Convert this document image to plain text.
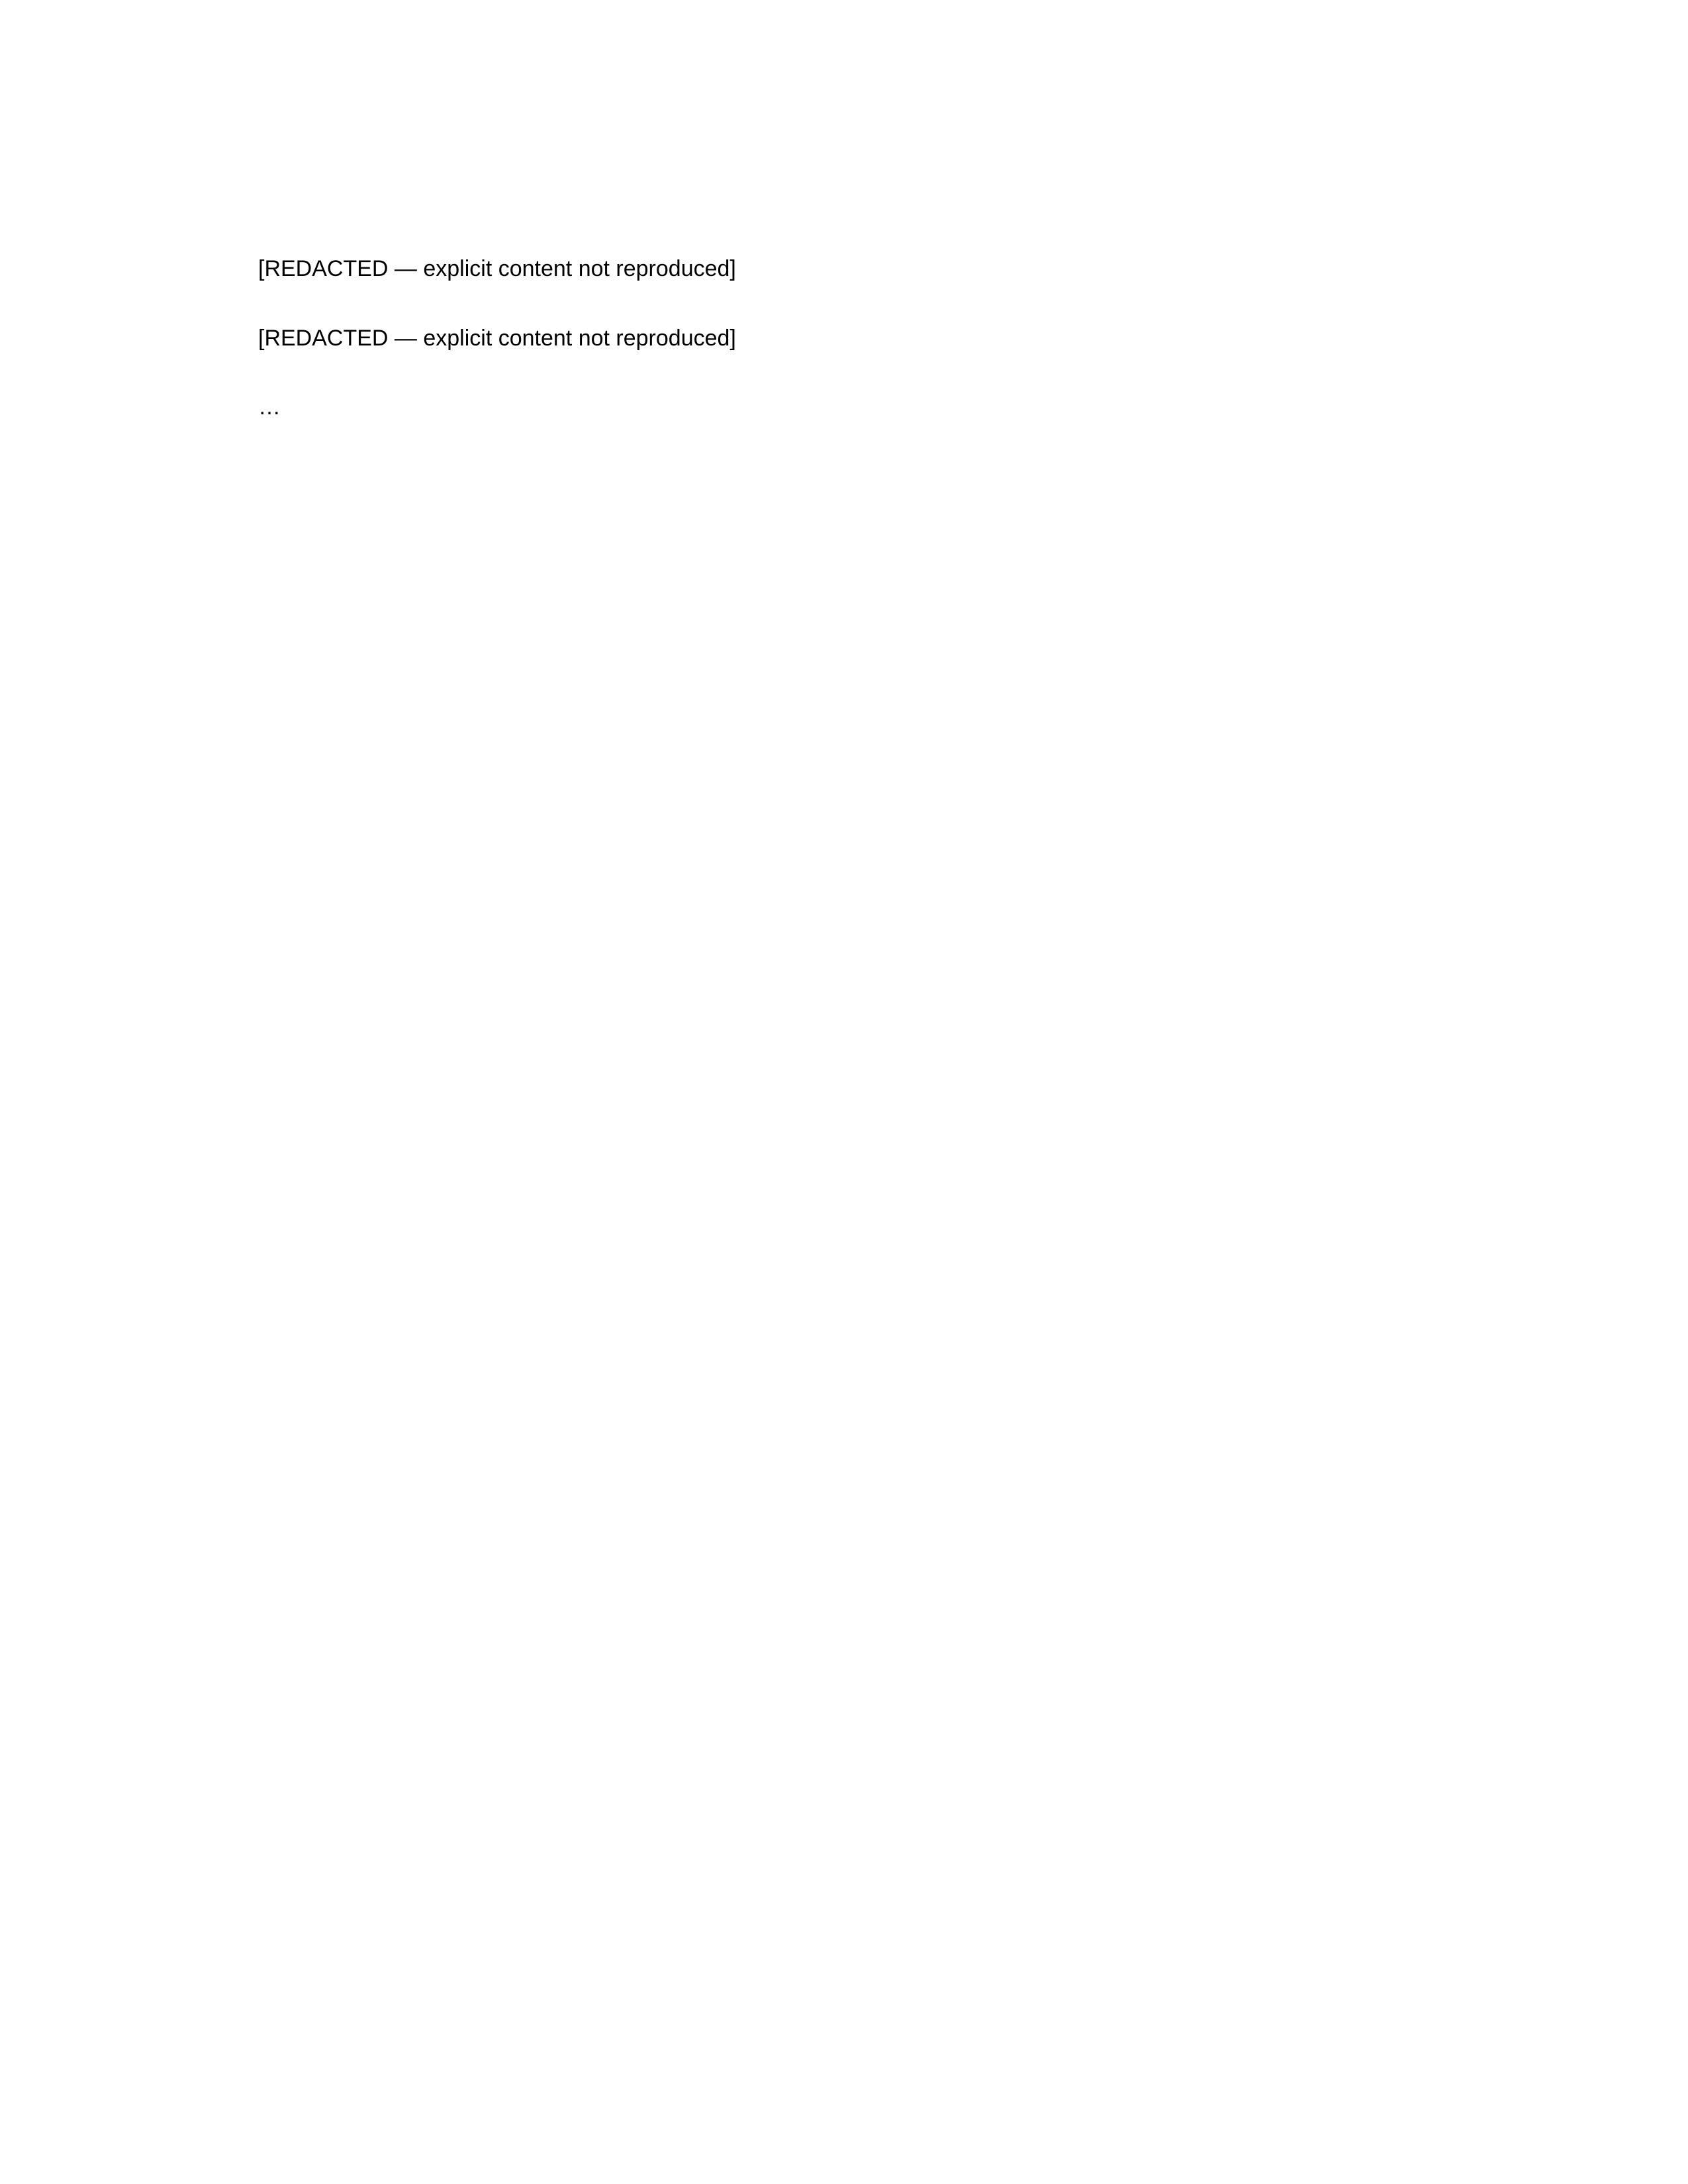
[REDACTED — explicit content not reproduced]

[REDACTED — explicit content not reproduced]

…
